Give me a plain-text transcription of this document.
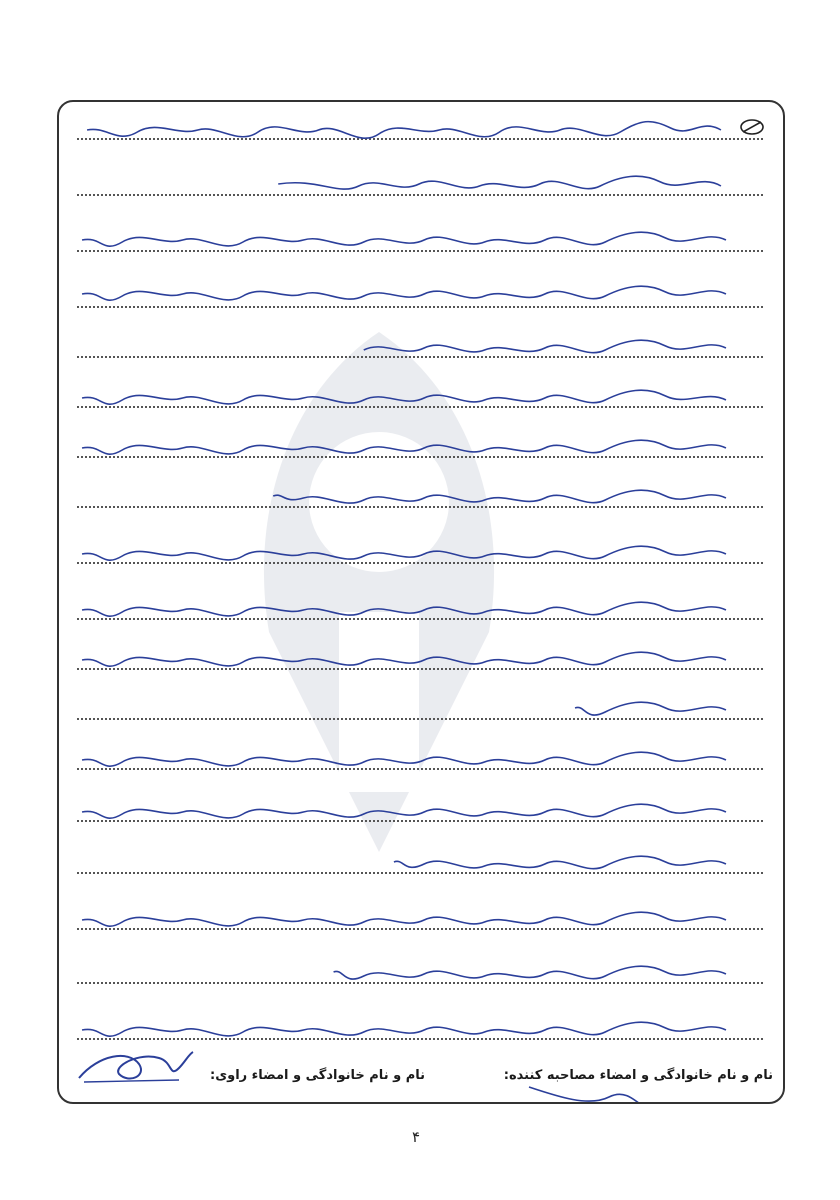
نام و نام خانوادگی و امضاء مصاحبه کننده:
نام و نام خانوادگی و امضاء راوی:
۴
